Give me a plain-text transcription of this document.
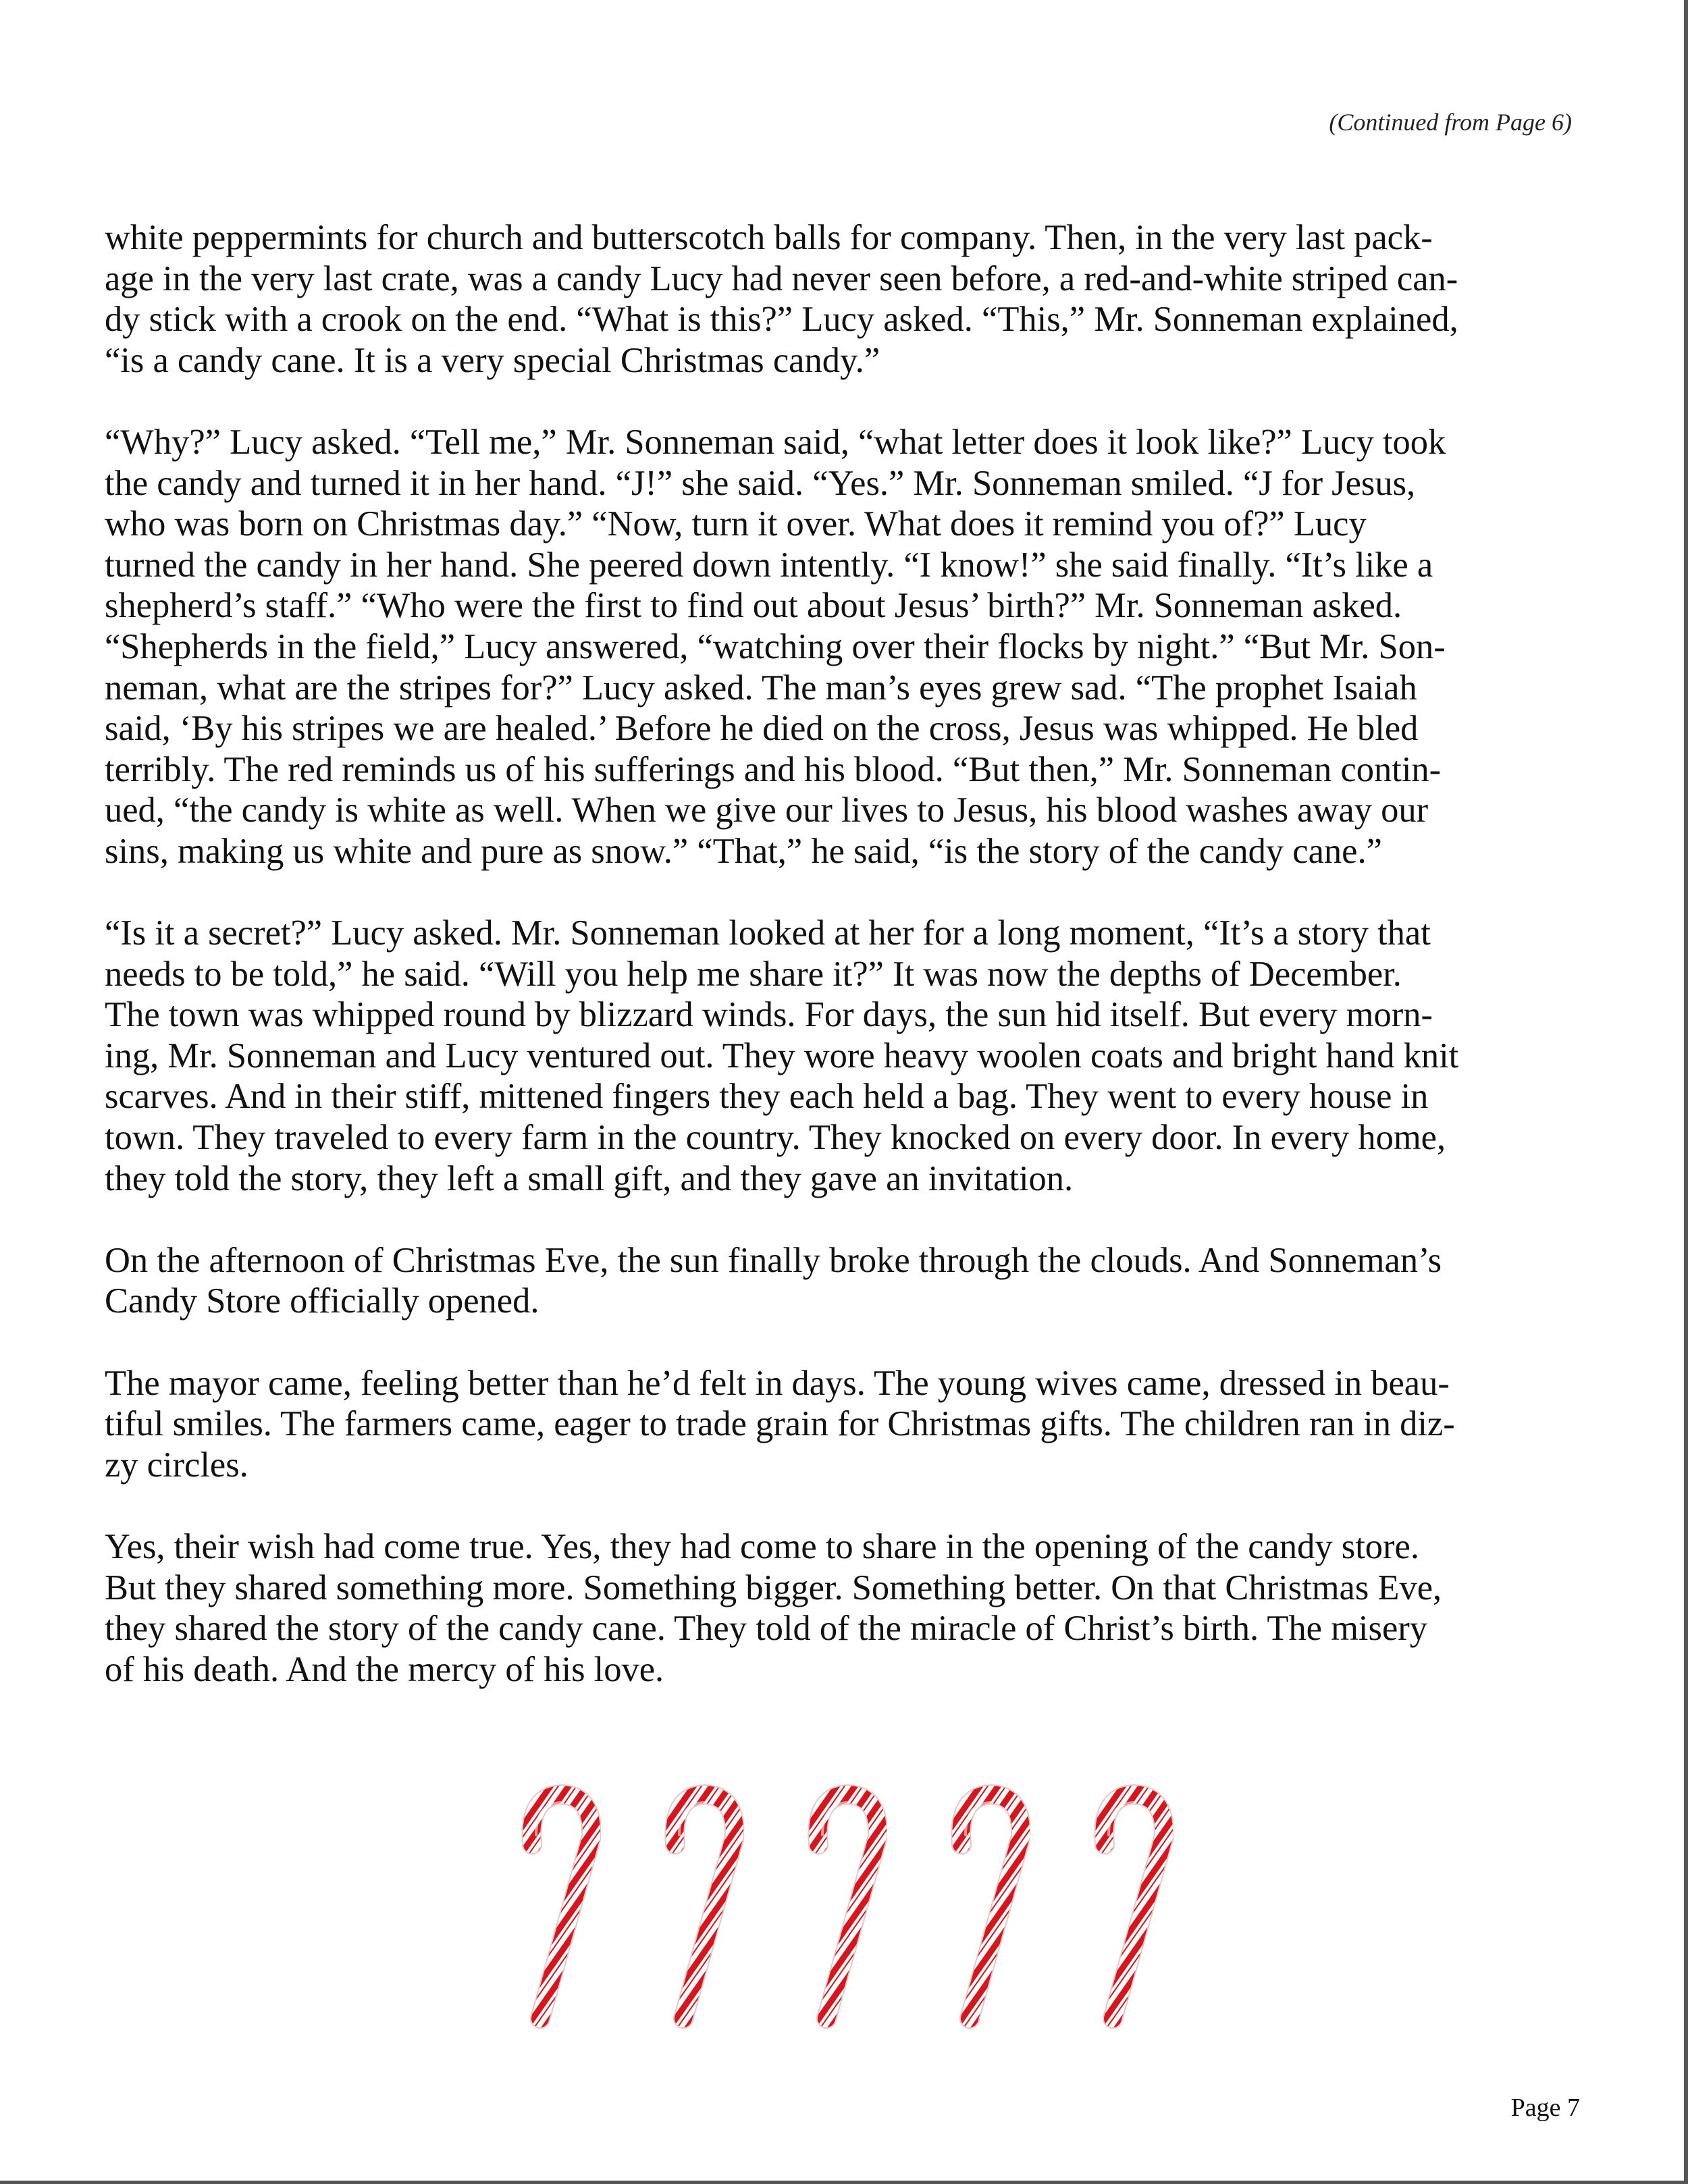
(Continued from Page 6)

white peppermints for church and butterscotch balls for company. Then, in the very last pack-
age in the very last crate, was a candy Lucy had never seen before, a red-and-white striped can-
dy stick with a crook on the end. “What is this?” Lucy asked. “This,” Mr. Sonneman explained,
“is a candy cane. It is a very special Christmas candy.”

“Why?” Lucy asked. “Tell me,” Mr. Sonneman said, “what letter does it look like?” Lucy took
the candy and turned it in her hand. “J!” she said. “Yes.” Mr. Sonneman smiled. “J for Jesus,
who was born on Christmas day.” “Now, turn it over. What does it remind you of?” Lucy
turned the candy in her hand. She peered down intently. “I know!” she said finally. “It’s like a
shepherd’s staff.” “Who were the first to find out about Jesus’ birth?” Mr. Sonneman asked.
“Shepherds in the field,” Lucy answered, “watching over their flocks by night.” “But Mr. Son-
neman, what are the stripes for?” Lucy asked. The man’s eyes grew sad. “The prophet Isaiah
said, ‘By his stripes we are healed.’ Before he died on the cross, Jesus was whipped. He bled
terribly. The red reminds us of his sufferings and his blood. “But then,” Mr. Sonneman contin-
ued, “the candy is white as well. When we give our lives to Jesus, his blood washes away our
sins, making us white and pure as snow.” “That,” he said, “is the story of the candy cane.”

“Is it a secret?” Lucy asked. Mr. Sonneman looked at her for a long moment, “It’s a story that
needs to be told,” he said. “Will you help me share it?” It was now the depths of December.
The town was whipped round by blizzard winds. For days, the sun hid itself. But every morn-
ing, Mr. Sonneman and Lucy ventured out. They wore heavy woolen coats and bright hand knit
scarves. And in their stiff, mittened fingers they each held a bag. They went to every house in
town. They traveled to every farm in the country. They knocked on every door. In every home,
they told the story, they left a small gift, and they gave an invitation.

On the afternoon of Christmas Eve, the sun finally broke through the clouds. And Sonneman’s
Candy Store officially opened.

The mayor came, feeling better than he’d felt in days. The young wives came, dressed in beau-
tiful smiles. The farmers came, eager to trade grain for Christmas gifts. The children ran in diz-
zy circles.

Yes, their wish had come true. Yes, they had come to share in the opening of the candy store.
But they shared something more. Something bigger. Something better. On that Christmas Eve,
they shared the story of the candy cane. They told of the miracle of Christ’s birth. The misery
of his death. And the mercy of his love.

Page 7
